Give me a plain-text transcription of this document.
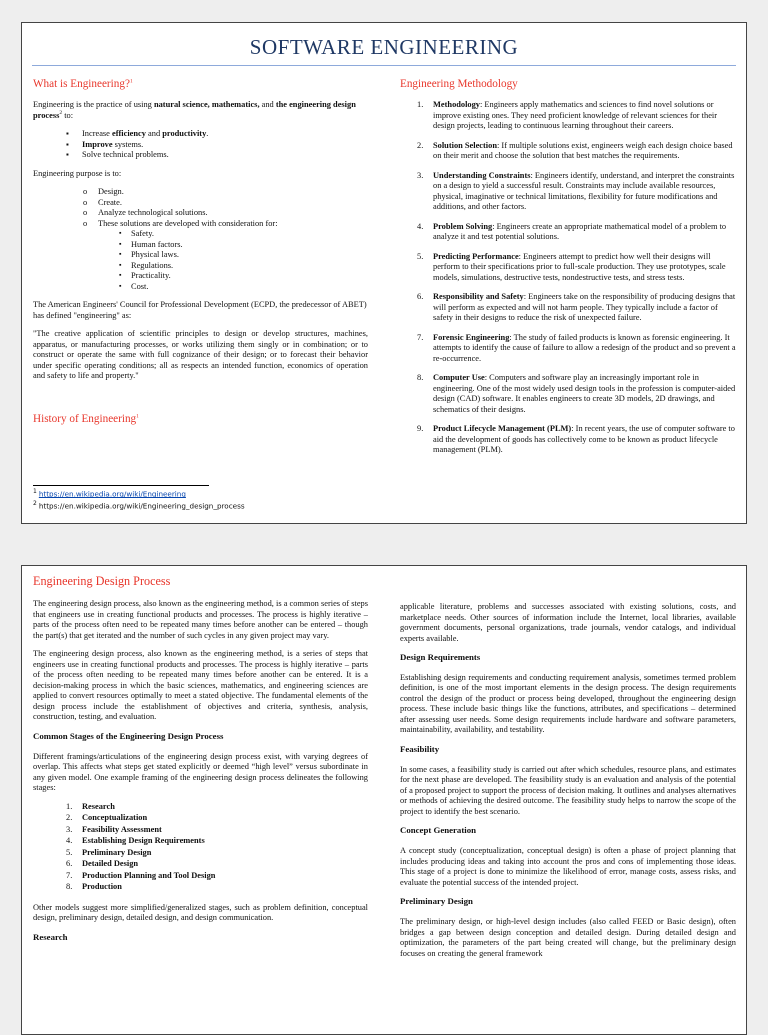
SOFTWARE ENGINEERING
What is Engineering?$^1$

Engineering is the practice of using natural science, mathematics, and the engineering design process$^2$ to:

▪ Increase efficiency and productivity.
▪ Improve systems.
▪ Solve technical problems.

Engineering purpose is to:

o Design.
o Create.
o Analyze technological solutions.
o These solutions are developed with consideration for:
▪ Safety.
▪ Human factors.
▪ Physical laws.
▪ Regulations.
▪ Practicality.
▪ Cost.

The American Engineers' Council for Professional Development (ECPD, the predecessor of ABET) has defined "engineering" as:

"The creative application of scientific principles to design or develop structures, machines, apparatus, or manufacturing processes, or works utilizing them singly or in combination; or to construct or operate the same with full cognizance of their design; or to forecast their behavior under specific operating conditions; all as respects an intended function, economics of operation and safety to life and property."

History of Engineering$^1$
$^1$ https://en.wikipedia.org/wiki/Engineering
$^2$ https://en.wikipedia.org/wiki/Engineering_design_process
Engineering Methodology
1. Methodology: Engineers apply mathematics and sciences to find novel solutions or improve existing ones. They need proficient knowledge of relevant sciences for their design projects, leading to continuous learning throughout their careers.
2. Solution Selection: If multiple solutions exist, engineers weigh each design choice based on their merit and choose the solution that best matches the requirements.
3. Understanding Constraints: Engineers identify, understand, and interpret the constraints on a design to yield a successful result. Constraints may include available resources, physical, imaginative or technical limitations, flexibility for future modifications and additions, and other factors.
4. Problem Solving: Engineers create an appropriate mathematical model of a problem to analyze it and test potential solutions.
5. Predicting Performance: Engineers attempt to predict how well their designs will perform to their specifications prior to full-scale production. They use prototypes, scale models, simulations, destructive tests, nondestructive tests, and stress tests.
6. Responsibility and Safety: Engineers take on the responsibility of producing designs that will perform as expected and will not harm people. They typically include a factor of safety in their designs to reduce the risk of unexpected failure.
7. Forensic Engineering: The study of failed products is known as forensic engineering. It attempts to identify the cause of failure to allow a redesign of the product and so prevent a re-occurrence.
8. Computer Use: Computers and software play an increasingly important role in engineering. One of the most widely used design tools in the profession is computer-aided design (CAD) software. It enables engineers to create 3D models, 2D drawings, and schematics of their designs.
9. Product Lifecycle Management (PLM): In recent years, the use of computer software to aid the development of goods has collectively come to be known as product lifecycle management (PLM).
Engineering Design Process

The engineering design process, also known as the engineering method, is a common series of steps that engineers use in creating functional products and processes. The process is highly iterative – parts of the process often need to be repeated many times before another can be entered – though the part(s) that get iterated and the number of such cycles in any given project may vary.

The engineering design process, also known as the engineering method, is a series of steps that engineers use in creating functional products and processes. The process is highly iterative – parts of the process often needing to be repeated many times before another can be entered. It is a decision-making process in which the basic sciences, mathematics, and engineering sciences are applied to convert resources optimally to meet a stated objective. The fundamental elements of the design process include the establishment of objectives and criteria, synthesis, analysis, construction, testing, and evaluation.

Common Stages of the Engineering Design Process

Different framings/articulations of the engineering design process exist, with varying degrees of overlap. This affects what steps get stated explicitly or deemed “high level” versus subordinate in any given model. One example framing of the engineering design process delineates the following stages:

1. Research
2. Conceptualization
3. Feasibility Assessment
4. Establishing Design Requirements
5. Preliminary Design
6. Detailed Design
7. Production Planning and Tool Design
8. Production

Other models suggest more simplified/generalized stages, such as problem definition, conceptual design, preliminary design, detailed design, and design communication.

Research

applicable literature, problems and successes associated with existing solutions, costs, and marketplace needs. Other sources of information include the Internet, local libraries, available government documents, personal organizations, trade journals, vendor catalogs, and individual experts available.

Design Requirements

Establishing design requirements and conducting requirement analysis, sometimes termed problem definition, is one of the most important elements in the design process. The design requirements control the design of the product or process being developed, throughout the engineering design process. These include basic things like the functions, attributes, and specifications – determined after assessing user needs. Some design requirements include hardware and software parameters, maintainability, availability, and testability.

Feasibility

In some cases, a feasibility study is carried out after which schedules, resource plans, and estimates for the next phase are developed. The feasibility study is an evaluation and analysis of the potential of a proposed project to support the process of decision making. It outlines and analyses alternatives or methods of achieving the desired outcome. The feasibility study helps to narrow the scope of the project to identify the best scenario.

Concept Generation

A concept study (conceptualization, conceptual design) is often a phase of project planning that includes producing ideas and taking into account the pros and cons of implementing those ideas. This stage of a project is done to minimize the likelihood of error, manage costs, assess risks, and evaluate the potential success of the intended project.

Preliminary Design

The preliminary design, or high-level design includes (also called FEED or Basic design), often bridges a gap between design conception and detailed design. During detailed design and optimization, the parameters of the part being created will change, but the preliminary design focuses on creating the general framework
